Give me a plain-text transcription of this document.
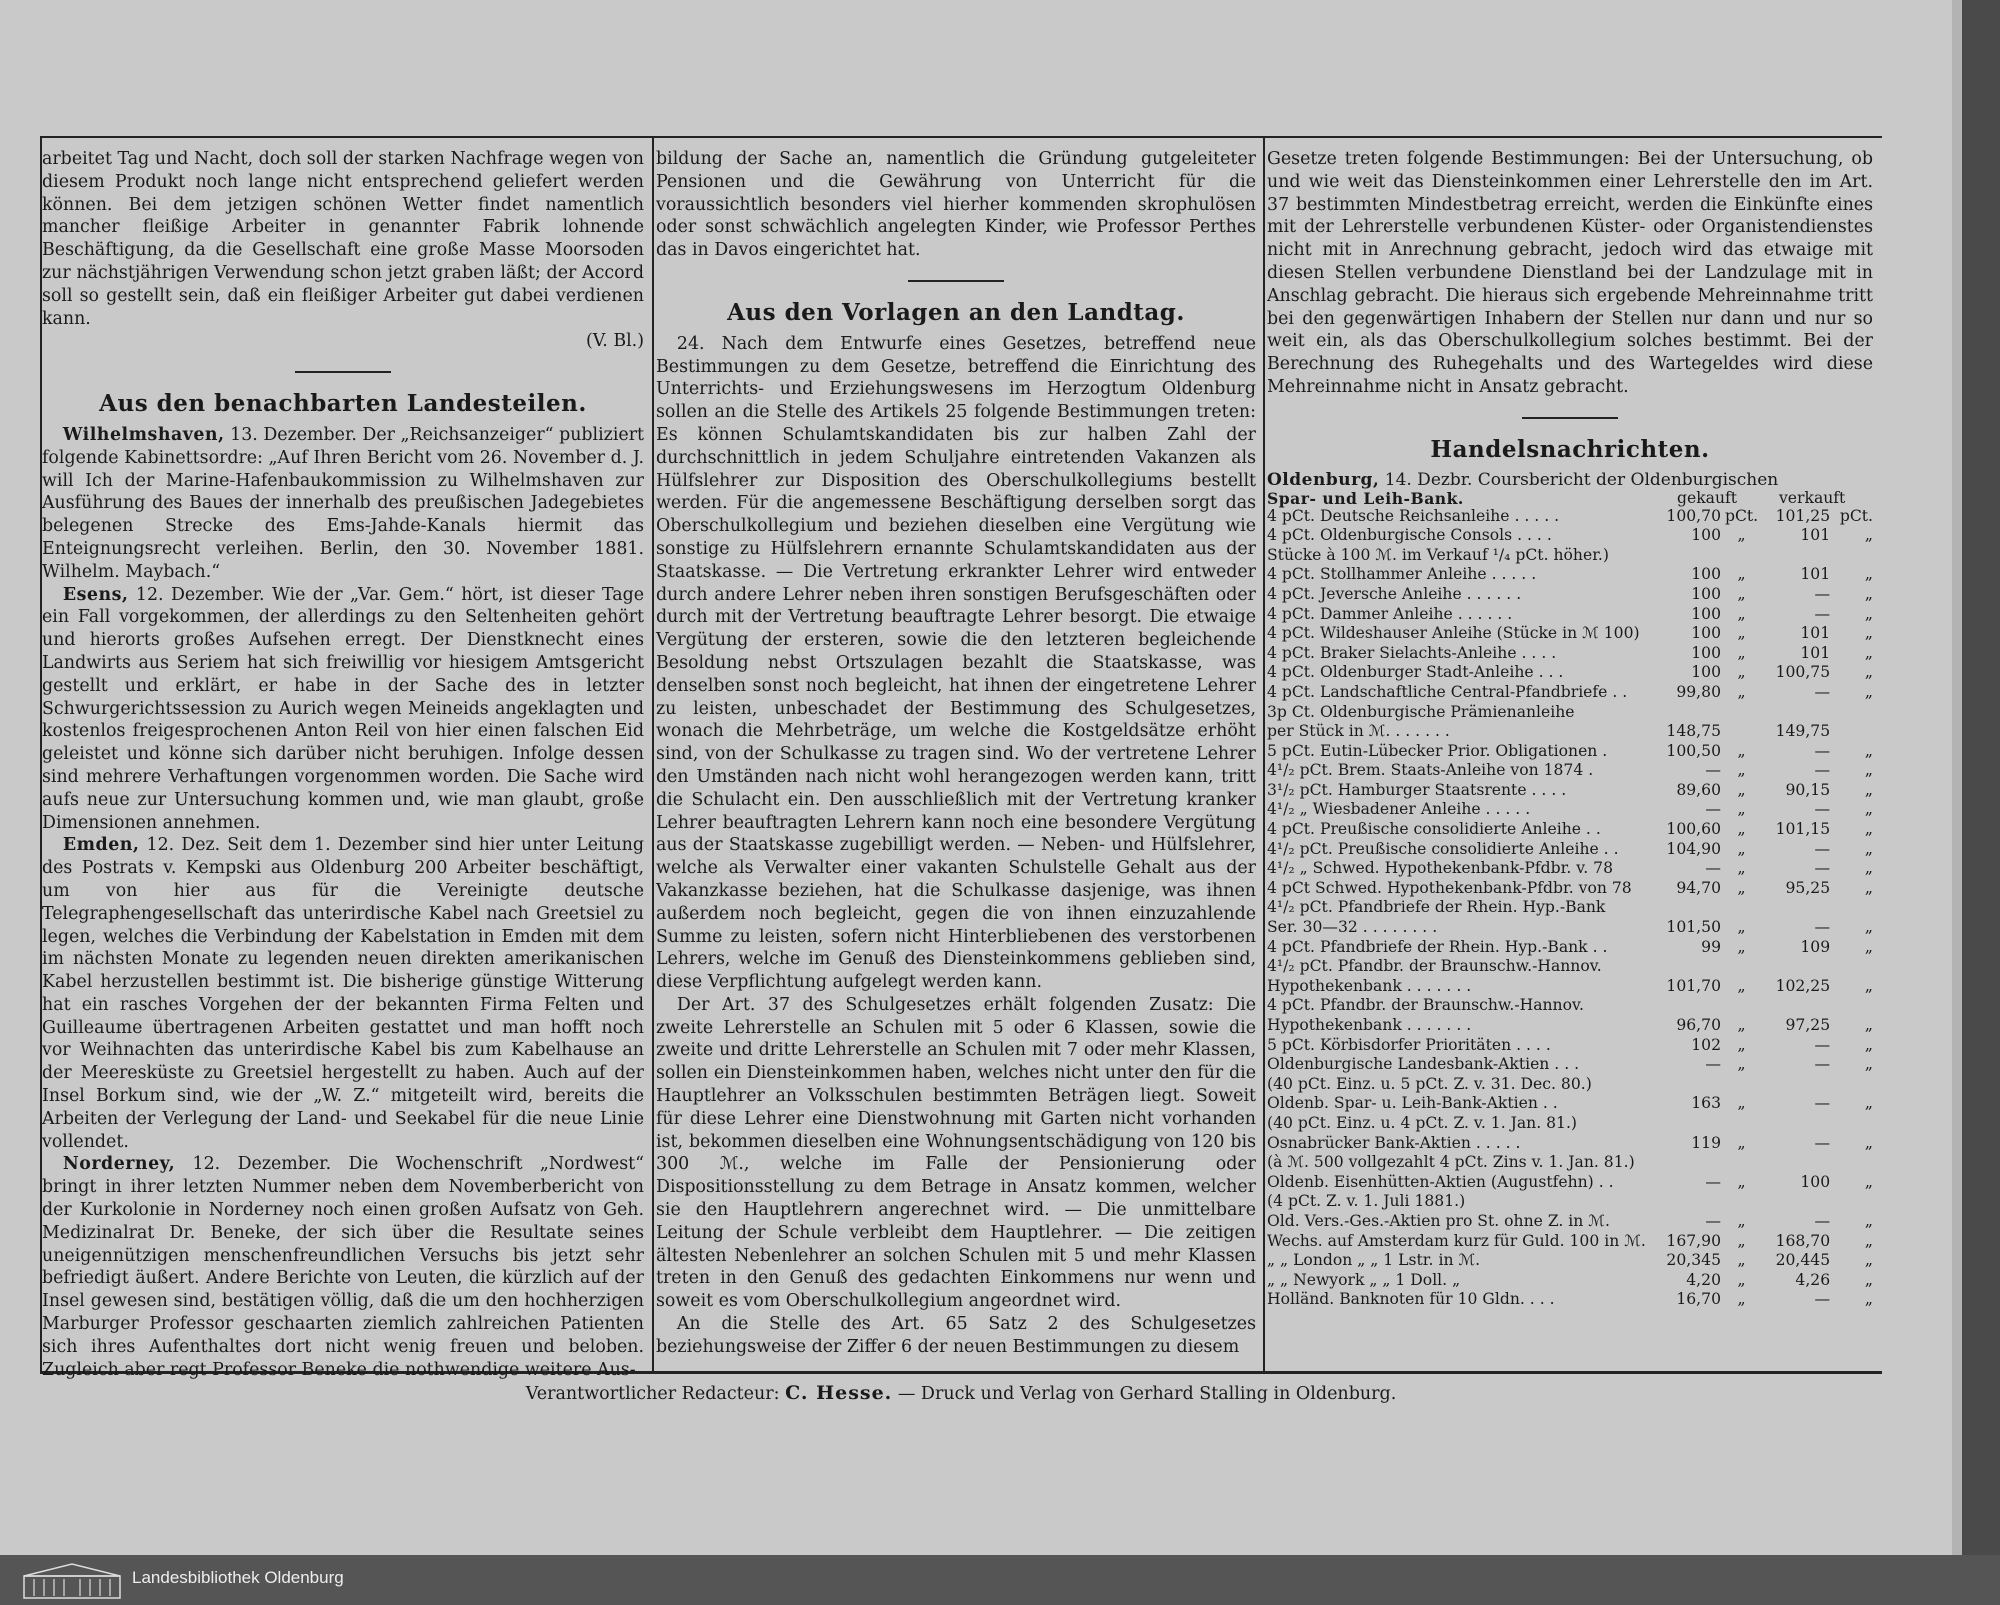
arbeitet Tag und Nacht, doch soll der starken Nachfrage wegen von diesem Produkt noch lange nicht entsprechend geliefert werden können. Bei dem jetzigen schönen Wetter findet namentlich mancher fleißige Arbeiter in genannter Fabrik lohnende Beschäftigung, da die Gesellschaft eine große Masse Moorsoden zur nächstjährigen Verwendung schon jetzt graben läßt; der Accord soll so gestellt sein, daß ein fleißiger Arbeiter gut dabei verdienen kann.

(V. Bl.)

Aus den benachbarten Landesteilen.

Wilhelmshaven, 13. Dezember. Der „Reichsanzeiger“ publiziert folgende Kabinettsordre: „Auf Ihren Bericht vom 26. November d. J. will Ich der Marine-Hafenbaukommission zu Wilhelmshaven zur Ausführung des Baues der innerhalb des preußischen Jadegebietes belegenen Strecke des Ems-Jahde-Kanals hiermit das Enteignungsrecht verleihen. Berlin, den 30. November 1881. Wilhelm. Maybach.“

Esens, 12. Dezember. Wie der „Var. Gem.“ hört, ist dieser Tage ein Fall vorgekommen, der allerdings zu den Seltenheiten gehört und hierorts großes Aufsehen erregt. Der Dienstknecht eines Landwirts aus Seriem hat sich freiwillig vor hiesigem Amtsgericht gestellt und erklärt, er habe in der Sache des in letzter Schwurgerichtssession zu Aurich wegen Meineids angeklagten und kostenlos freigesprochenen Anton Reil von hier einen falschen Eid geleistet und könne sich darüber nicht beruhigen. Infolge dessen sind mehrere Verhaftungen vorgenommen worden. Die Sache wird aufs neue zur Untersuchung kommen und, wie man glaubt, große Dimensionen annehmen.

Emden, 12. Dez. Seit dem 1. Dezember sind hier unter Leitung des Postrats v. Kempski aus Oldenburg 200 Arbeiter beschäftigt, um von hier aus für die Vereinigte deutsche Telegraphengesellschaft das unterirdische Kabel nach Greetsiel zu legen, welches die Verbindung der Kabelstation in Emden mit dem im nächsten Monate zu legenden neuen direkten amerikanischen Kabel herzustellen bestimmt ist. Die bisherige günstige Witterung hat ein rasches Vorgehen der der bekannten Firma Felten und Guilleaume übertragenen Arbeiten gestattet und man hofft noch vor Weihnachten das unterirdische Kabel bis zum Kabelhause an der Meeresküste zu Greetsiel hergestellt zu haben. Auch auf der Insel Borkum sind, wie der „W. Z.“ mitgeteilt wird, bereits die Arbeiten der Verlegung der Land- und Seekabel für die neue Linie vollendet.

Norderney, 12. Dezember. Die Wochenschrift „Nordwest“ bringt in ihrer letzten Nummer neben dem Novemberbericht von der Kurkolonie in Norderney noch einen großen Aufsatz von Geh. Medizinalrat Dr. Beneke, der sich über die Resultate seines uneigennützigen menschenfreundlichen Versuchs bis jetzt sehr befriedigt äußert. Andere Berichte von Leuten, die kürzlich auf der Insel gewesen sind, bestätigen völlig, daß die um den hochherzigen Marburger Professor geschaarten ziemlich zahlreichen Patienten sich ihres Aufenthaltes dort nicht wenig freuen und beloben. Zugleich aber regt Professor Beneke die nothwendige weitere Aus-

bildung der Sache an, namentlich die Gründung gutgeleiteter Pensionen und die Gewährung von Unterricht für die voraussichtlich besonders viel hierher kommenden skrophulösen oder sonst schwächlich angelegten Kinder, wie Professor Perthes das in Davos eingerichtet hat.

Aus den Vorlagen an den Landtag.

24. Nach dem Entwurfe eines Gesetzes, betreffend neue Bestimmungen zu dem Gesetze, betreffend die Einrichtung des Unterrichts- und Erziehungswesens im Herzogtum Oldenburg sollen an die Stelle des Artikels 25 folgende Bestimmungen treten: Es können Schulamtskandidaten bis zur halben Zahl der durchschnittlich in jedem Schuljahre eintretenden Vakanzen als Hülfslehrer zur Disposition des Oberschulkollegiums bestellt werden. Für die angemessene Beschäftigung derselben sorgt das Oberschulkollegium und beziehen dieselben eine Vergütung wie sonstige zu Hülfslehrern ernannte Schulamtskandidaten aus der Staatskasse. — Die Vertretung erkrankter Lehrer wird entweder durch andere Lehrer neben ihren sonstigen Berufsgeschäften oder durch mit der Vertretung beauftragte Lehrer besorgt. Die etwaige Vergütung der ersteren, sowie die den letzteren begleichende Besoldung nebst Ortszulagen bezahlt die Staatskasse, was denselben sonst noch begleicht, hat ihnen der eingetretene Lehrer zu leisten, unbeschadet der Bestimmung des Schulgesetzes, wonach die Mehrbeträge, um welche die Kostgeldsätze erhöht sind, von der Schulkasse zu tragen sind. Wo der vertretene Lehrer den Umständen nach nicht wohl herangezogen werden kann, tritt die Schulacht ein. Den ausschließlich mit der Vertretung kranker Lehrer beauftragten Lehrern kann noch eine besondere Vergütung aus der Staatskasse zugebilligt werden. — Neben- und Hülfslehrer, welche als Verwalter einer vakanten Schulstelle Gehalt aus der Vakanzkasse beziehen, hat die Schulkasse dasjenige, was ihnen außerdem noch begleicht, gegen die von ihnen einzuzahlende Summe zu leisten, sofern nicht Hinterbliebenen des verstorbenen Lehrers, welche im Genuß des Diensteinkommens geblieben sind, diese Verpflichtung aufgelegt werden kann.

Der Art. 37 des Schulgesetzes erhält folgenden Zusatz: Die zweite Lehrerstelle an Schulen mit 5 oder 6 Klassen, sowie die zweite und dritte Lehrerstelle an Schulen mit 7 oder mehr Klassen, sollen ein Diensteinkommen haben, welches nicht unter den für die Hauptlehrer an Volksschulen bestimmten Beträgen liegt. Soweit für diese Lehrer eine Dienstwohnung mit Garten nicht vorhanden ist, bekommen dieselben eine Wohnungsentschädigung von 120 bis 300 ℳ., welche im Falle der Pensionierung oder Dispositionsstellung zu dem Betrage in Ansatz kommen, welcher sie den Hauptlehrern angerechnet wird. — Die unmittelbare Leitung der Schule verbleibt dem Hauptlehrer. — Die zeitigen ältesten Nebenlehrer an solchen Schulen mit 5 und mehr Klassen treten in den Genuß des gedachten Einkommens nur wenn und soweit es vom Oberschulkollegium angeordnet wird.

An die Stelle des Art. 65 Satz 2 des Schulgesetzes beziehungsweise der Ziffer 6 der neuen Bestimmungen zu diesem

Gesetze treten folgende Bestimmungen: Bei der Untersuchung, ob und wie weit das Diensteinkommen einer Lehrerstelle den im Art. 37 bestimmten Mindestbetrag erreicht, werden die Einkünfte eines mit der Lehrerstelle verbundenen Küster- oder Organistendienstes nicht mit in Anrechnung gebracht, jedoch wird das etwaige mit diesen Stellen verbundene Dienstland bei der Landzulage mit in Anschlag gebracht. Die hieraus sich ergebende Mehreinnahme tritt bei den gegenwärtigen Inhabern der Stellen nur dann und nur so weit ein, als das Oberschulkollegium solches bestimmt. Bei der Berechnung des Ruhegehalts und des Wartegeldes wird diese Mehreinnahme nicht in Ansatz gebracht.

Handelsnachrichten.
Oldenburg, 14. Dezbr. Coursbericht der Oldenburgischen
Spar- und Leih-Bank.	gekauft	verkauft
4 pCt. Deutsche Reichsanleihe . . . . .	100,70	pCt.	101,25	pCt.
4 pCt. Oldenburgische Consols . . . .	100	„	101	„
Stücke à 100 ℳ. im Verkauf ¹/₄ pCt. höher.)				
4 pCt. Stollhammer Anleihe . . . . .	100	„	101	„
4 pCt. Jeversche Anleihe . . . . . .	100	„	—	„
4 pCt. Dammer Anleihe . . . . . .	100	„	—	„
4 pCt. Wildeshauser Anleihe (Stücke in ℳ 100)	100	„	101	„
4 pCt. Braker Sielachts-Anleihe . . . .	100	„	101	„
4 pCt. Oldenburger Stadt-Anleihe . . .	100	„	100,75	„
4 pCt. Landschaftliche Central-Pfandbriefe . .	99,80	„	—	„
3p Ct. Oldenburgische Prämienanleihe				
per Stück in ℳ. . . . . . .	148,75		149,75	
5 pCt. Eutin-Lübecker Prior. Obligationen .	100,50	„	—	„
4¹/₂ pCt. Brem. Staats-Anleihe von 1874 .	—	„	—	„
3¹/₂ pCt. Hamburger Staatsrente . . . .	89,60	„	90,15	„
4¹/₂ „ Wiesbadener Anleihe . . . . .	—	„	—	„
4 pCt. Preußische consolidierte Anleihe . .	100,60	„	101,15	„
4¹/₂ pCt. Preußische consolidierte Anleihe . .	104,90	„	—	„
4¹/₂ „ Schwed. Hypothekenbank-Pfdbr. v. 78	—	„	—	„
4 pCt Schwed. Hypothekenbank-Pfdbr. von 78	94,70	„	95,25	„
4¹/₂ pCt. Pfandbriefe der Rhein. Hyp.-Bank				
Ser. 30—32 . . . . . . . .	101,50	„	—	„
4 pCt. Pfandbriefe der Rhein. Hyp.-Bank . .	99	„	109	„
4¹/₂ pCt. Pfandbr. der Braunschw.-Hannov.				
Hypothekenbank . . . . . . .	101,70	„	102,25	„
4 pCt. Pfandbr. der Braunschw.-Hannov.				
Hypothekenbank . . . . . . .	96,70	„	97,25	„
5 pCt. Körbisdorfer Prioritäten . . . .	102	„	—	„
Oldenburgische Landesbank-Aktien . . .	—	„	—	„
(40 pCt. Einz. u. 5 pCt. Z. v. 31. Dec. 80.)				
Oldenb. Spar- u. Leih-Bank-Aktien . .	163	„	—	„
(40 pCt. Einz. u. 4 pCt. Z. v. 1. Jan. 81.)				
Osnabrücker Bank-Aktien . . . . .	119	„	—	„
(à ℳ. 500 vollgezahlt 4 pCt. Zins v. 1. Jan. 81.)				
Oldenb. Eisenhütten-Aktien (Augustfehn) . .	—	„	100	„
(4 pCt. Z. v. 1. Juli 1881.)				
Old. Vers.-Ges.-Aktien pro St. ohne Z. in ℳ.	—	„	—	„
Wechs. auf Amsterdam kurz für Guld. 100 in ℳ.	167,90	„	168,70	„
„ „ London „ „ 1 Lstr. in ℳ.	20,345	„	20,445	„
„ „ Newyork „ „ 1 Doll. „	4,20	„	4,26	„
Holländ. Banknoten für 10 Gldn. . . .	16,70	„	—	„
Verantwortlicher Redacteur: C. Hesse. — Druck und Verlag von Gerhard Stalling in Oldenburg.
Landesbibliothek Oldenburg
